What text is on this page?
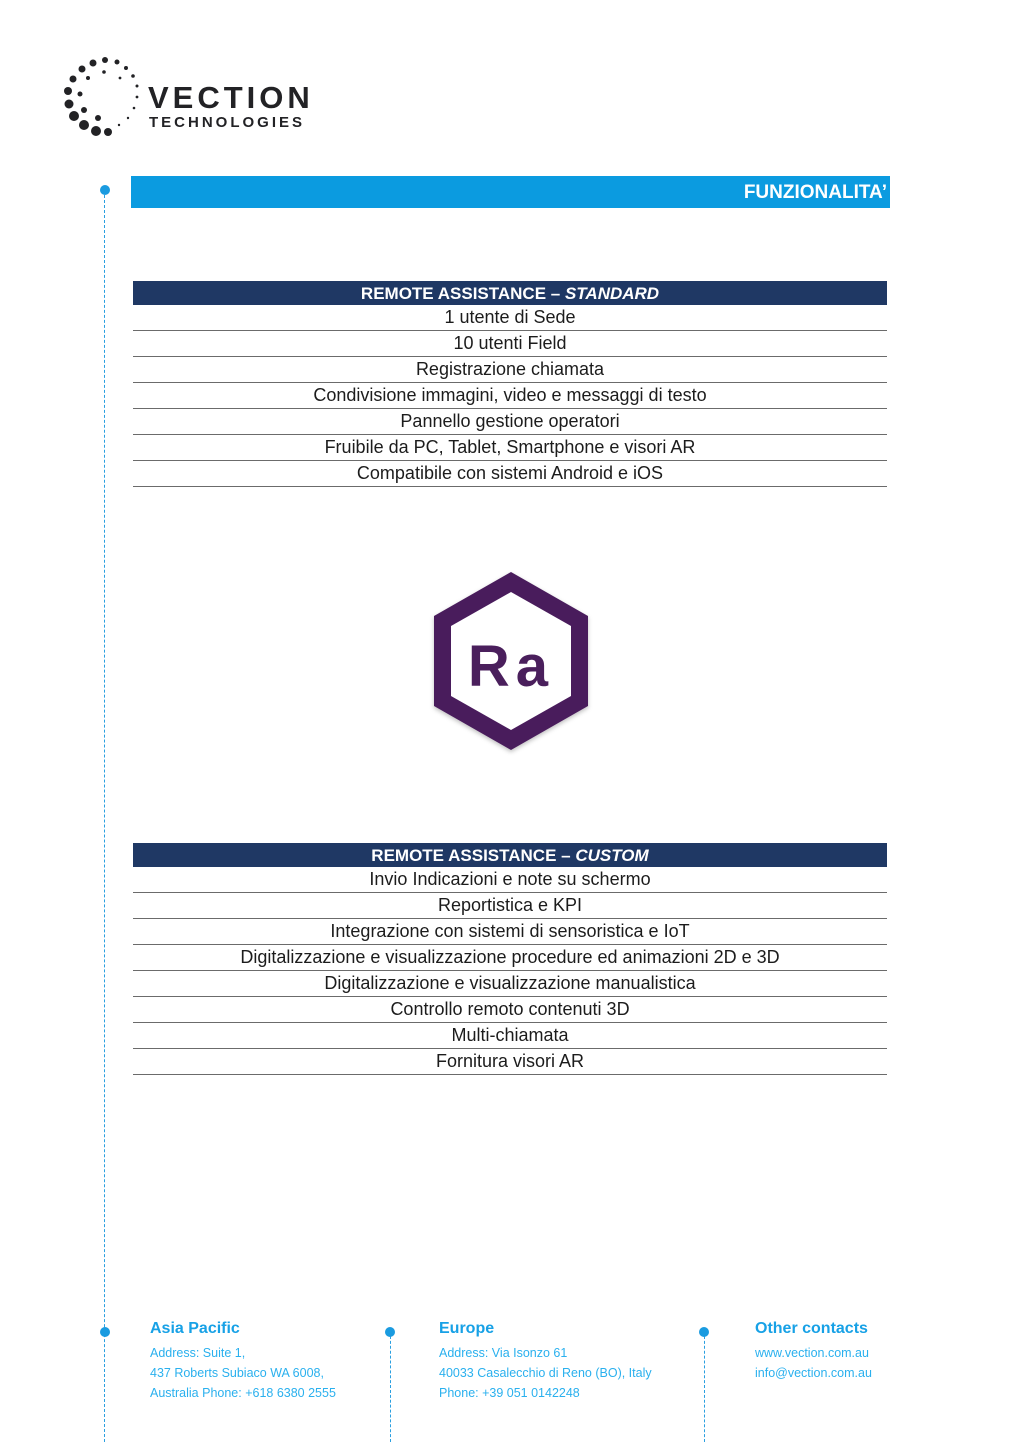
VECTION
TECHNOLOGIES
FUNZIONALITA’
REMOTE ASSISTANCE – STANDARD
1 utente di Sede
10 utenti Field
Registrazione chiamata
Condivisione immagini, video e messaggi di testo
Pannello gestione operatori
Fruibile da PC, Tablet, Smartphone e visori AR
Compatibile con sistemi Android e iOS
Ra
REMOTE ASSISTANCE – CUSTOM
Invio Indicazioni e note su schermo
Reportistica e KPI
Integrazione con sistemi di sensoristica e IoT
Digitalizzazione e visualizzazione procedure ed animazioni 2D e 3D
Digitalizzazione e visualizzazione manualistica
Controllo remoto contenuti 3D
Multi-chiamata
Fornitura visori AR
Asia Pacific
Address: Suite 1,
437 Roberts Subiaco WA 6008,
Australia Phone: +618 6380 2555
Europe
Address: Via Isonzo 61
40033 Casalecchio di Reno (BO), Italy
Phone: +39 051 0142248
Other contacts
www.vection.com.au
info@vection.com.au
